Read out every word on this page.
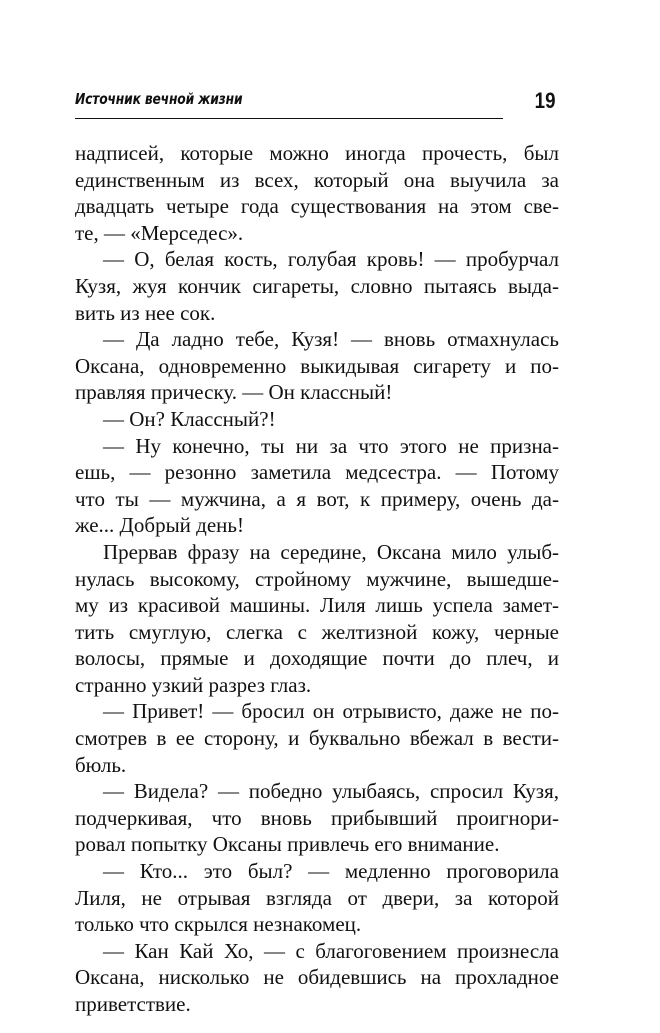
Источник вечной жизни	19
надписей, которые можно иногда прочесть, был
единственным из всех, который она выучила за
двадцать четыре года существования на этом све-
те, — «Мерседес».
— О, белая кость, голубая кровь! — пробурчал
Кузя, жуя кончик сигареты, словно пытаясь выда-
вить из нее сок.
— Да ладно тебе, Кузя! — вновь отмахнулась
Оксана, одновременно выкидывая сигарету и по-
правляя прическу. — Он классный!
— Он? Классный?!
— Ну конечно, ты ни за что этого не призна-
ешь, — резонно заметила медсестра. — Потому
что ты — мужчина, а я вот, к примеру, очень да-
же... Добрый день!
Прервав фразу на середине, Оксана мило улыб-
нулась высокому, стройному мужчине, вышедше-
му из красивой машины. Лиля лишь успела замет-
тить смуглую, слегка с желтизной кожу, черные
волосы, прямые и доходящие почти до плеч, и
странно узкий разрез глаз.
— Привет! — бросил он отрывисто, даже не по-
смотрев в ее сторону, и буквально вбежал в вести-
бюль.
— Видела? — победно улыбаясь, спросил Кузя,
подчеркивая, что вновь прибывший проигнори-
ровал попытку Оксаны привлечь его внимание.
— Кто... это был? — медленно проговорила
Лиля, не отрывая взгляда от двери, за которой
только что скрылся незнакомец.
— Кан Кай Хо, — с благоговением произнесла
Оксана, нисколько не обидевшись на прохладное
приветствие.
